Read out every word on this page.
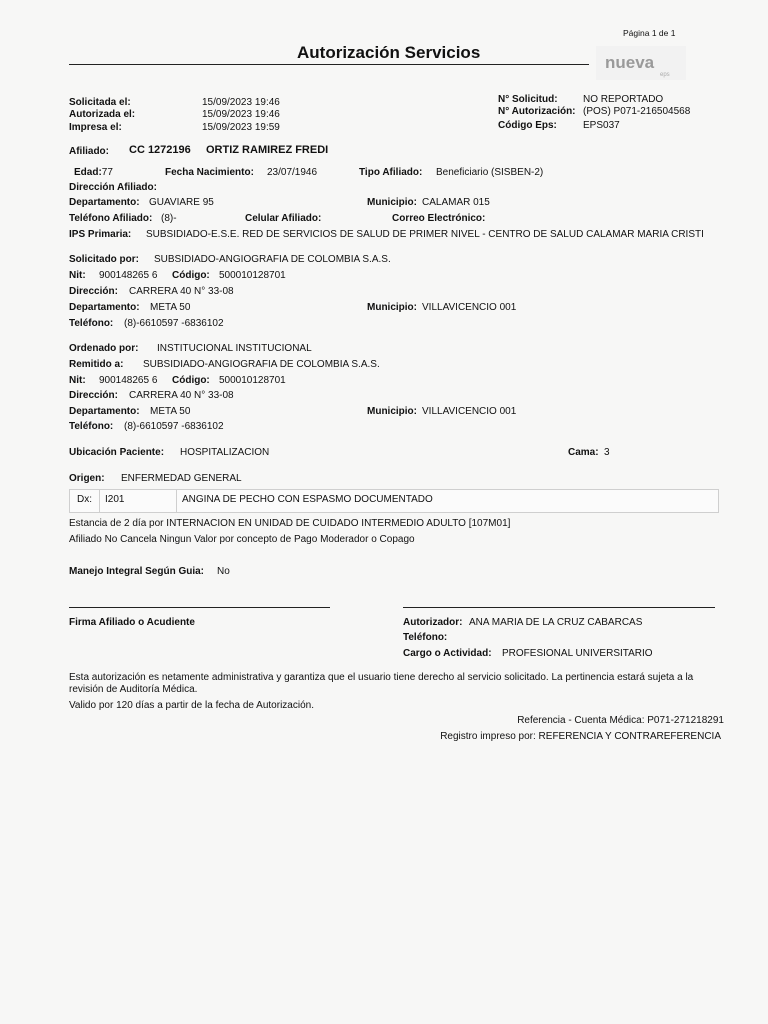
Página 1 de 1
Autorización Servicios
nueva
eps
Solicitada el:	15/09/2023 19:46
Autorizada el:	15/09/2023 19:46
Impresa el:	15/09/2023 19:59
N° Solicitud:	NO REPORTADO
N° Autorización: (POS) P071-216504568
Código Eps:	EPS037
Afiliado: CC 1272196 ORTIZ RAMIREZ FREDI
Edad:77	Fecha Nacimiento: 23/07/1946	Tipo Afiliado: Beneficiario (SISBEN-2)
Dirección Afiliado:
Departamento: GUAVIARE 95	Municipio: CALAMAR 015
Teléfono Afiliado: (8)-	Celular Afiliado:	Correo Electrónico:
IPS Primaria: SUBSIDIADO-E.S.E. RED DE SERVICIOS DE SALUD DE PRIMER NIVEL - CENTRO DE SALUD CALAMAR MARIA CRISTI
Solicitado por: SUBSIDIADO-ANGIOGRAFIA DE COLOMBIA S.A.S.
Nit: 900148265 6 Código: 500010128701
Dirección: CARRERA 40 N° 33-08
Departamento: META 50	Municipio: VILLAVICENCIO 001
Teléfono: (8)-6610597 -6836102
Ordenado por: INSTITUCIONAL INSTITUCIONAL
Remitido a: SUBSIDIADO-ANGIOGRAFIA DE COLOMBIA S.A.S.
Nit: 900148265 6 Código: 500010128701
Dirección: CARRERA 40 N° 33-08
Departamento: META 50	Municipio: VILLAVICENCIO 001
Teléfono: (8)-6610597 -6836102
Ubicación Paciente: HOSPITALIZACION	Cama: 3
Origen: ENFERMEDAD GENERAL
Dx: I201	ANGINA DE PECHO CON ESPASMO DOCUMENTADO
Estancia de 2 día por INTERNACION EN UNIDAD DE CUIDADO INTERMEDIO ADULTO [107M01]
Afiliado No Cancela Ningun Valor por concepto de Pago Moderador o Copago
Manejo Integral Según Guia: No
Firma Afiliado o Acudiente	Autorizador: ANA MARIA DE LA CRUZ CABARCAS
Teléfono:
Cargo o Actividad: PROFESIONAL UNIVERSITARIO
Esta autorización es netamente administrativa y garantiza que el usuario tiene derecho al servicio solicitado. La pertinencia estará sujeta a la
revisión de Auditoría Médica.
Valido por 120 días a partir de la fecha de Autorización.
Referencia - Cuenta Médica: P071-271218291
Registro impreso por: REFERENCIA Y CONTRAREFERENCIA
